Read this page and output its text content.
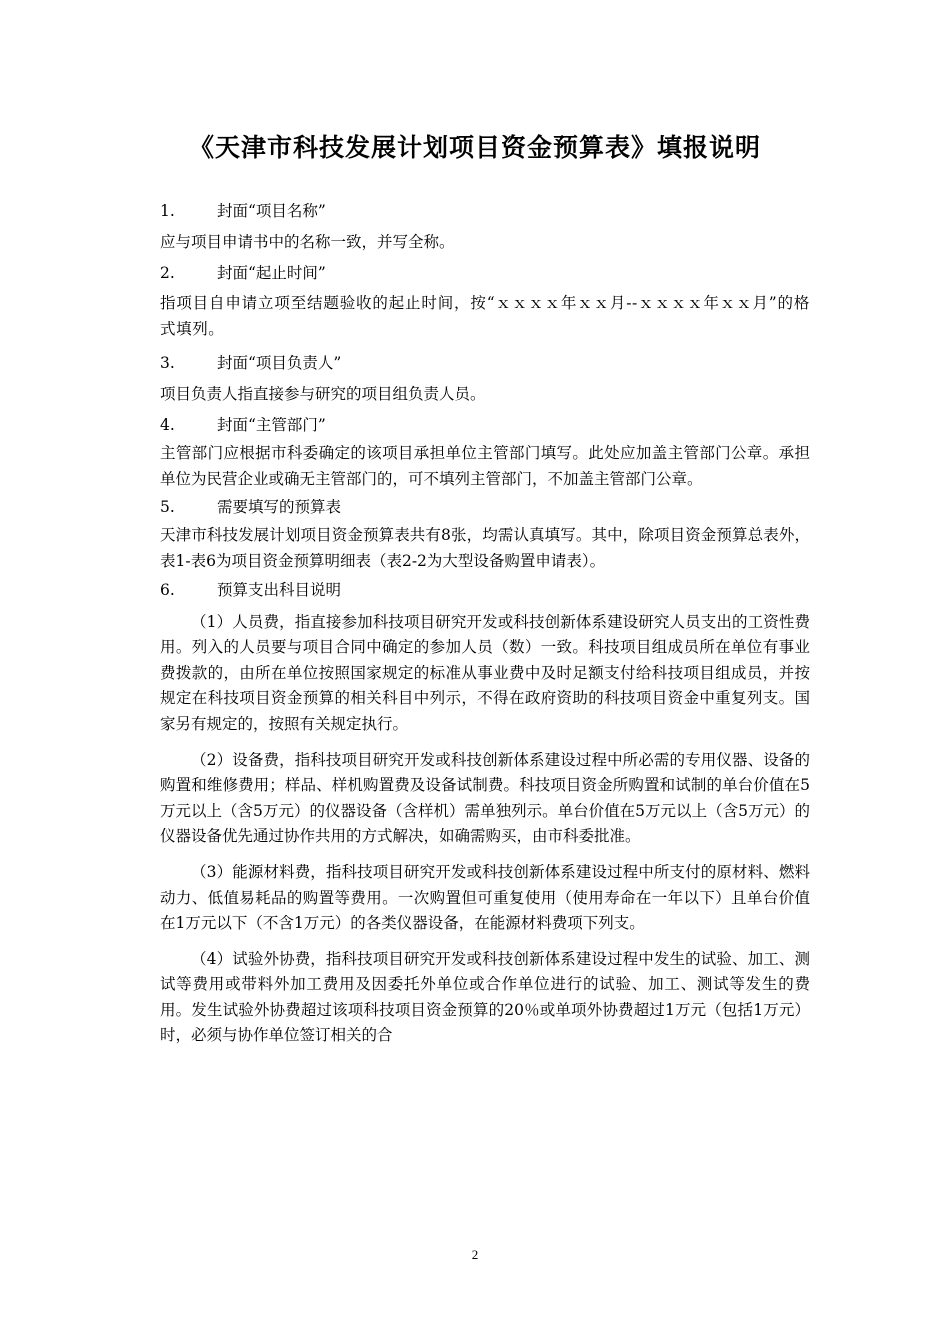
《天津市科技发展计划项目资金预算表》填报说明
1.	封面“项目名称”
应与项目申请书中的名称一致，并写全称。
2.	封面“起止时间”
指项目自申请立项至结题验收的起止时间，按“ｘｘｘｘ年ｘｘ月--ｘｘｘｘ年ｘｘ月”的格式填列。
3.	封面“项目负责人”
项目负责人指直接参与研究的项目组负责人员。
4.	封面“主管部门”
主管部门应根据市科委确定的该项目承担单位主管部门填写。此处应加盖主管部门公章。承担单位为民营企业或确无主管部门的，可不填列主管部门，不加盖主管部门公章。
5.	需要填写的预算表
天津市科技发展计划项目资金预算表共有8张，均需认真填写。其中，除项目资金预算总表外，表1-表6为项目资金预算明细表（表2-2为大型设备购置申请表）。
6.	预算支出科目说明
（1）人员费，指直接参加科技项目研究开发或科技创新体系建设研究人员支出的工资性费用。列入的人员要与项目合同中确定的参加人员（数）一致。科技项目组成员所在单位有事业费拨款的，由所在单位按照国家规定的标准从事业费中及时足额支付给科技项目组成员，并按规定在科技项目资金预算的相关科目中列示，不得在政府资助的科技项目资金中重复列支。国家另有规定的，按照有关规定执行。
（2）设备费，指科技项目研究开发或科技创新体系建设过程中所必需的专用仪器、设备的购置和维修费用；样品、样机购置费及设备试制费。科技项目资金所购置和试制的单台价值在5万元以上（含5万元）的仪器设备（含样机）需单独列示。单台价值在5万元以上（含5万元）的仪器设备优先通过协作共用的方式解决，如确需购买，由市科委批准。
（3）能源材料费，指科技项目研究开发或科技创新体系建设过程中所支付的原材料、燃料动力、低值易耗品的购置等费用。一次购置但可重复使用（使用寿命在一年以下）且单台价值在1万元以下（不含1万元）的各类仪器设备，在能源材料费项下列支。
（4）试验外协费，指科技项目研究开发或科技创新体系建设过程中发生的试验、加工、测试等费用或带料外加工费用及因委托外单位或合作单位进行的试验、加工、测试等发生的费用。发生试验外协费超过该项科技项目资金预算的20％或单项外协费超过1万元（包括1万元）时，必须与协作单位签订相关的合
2
